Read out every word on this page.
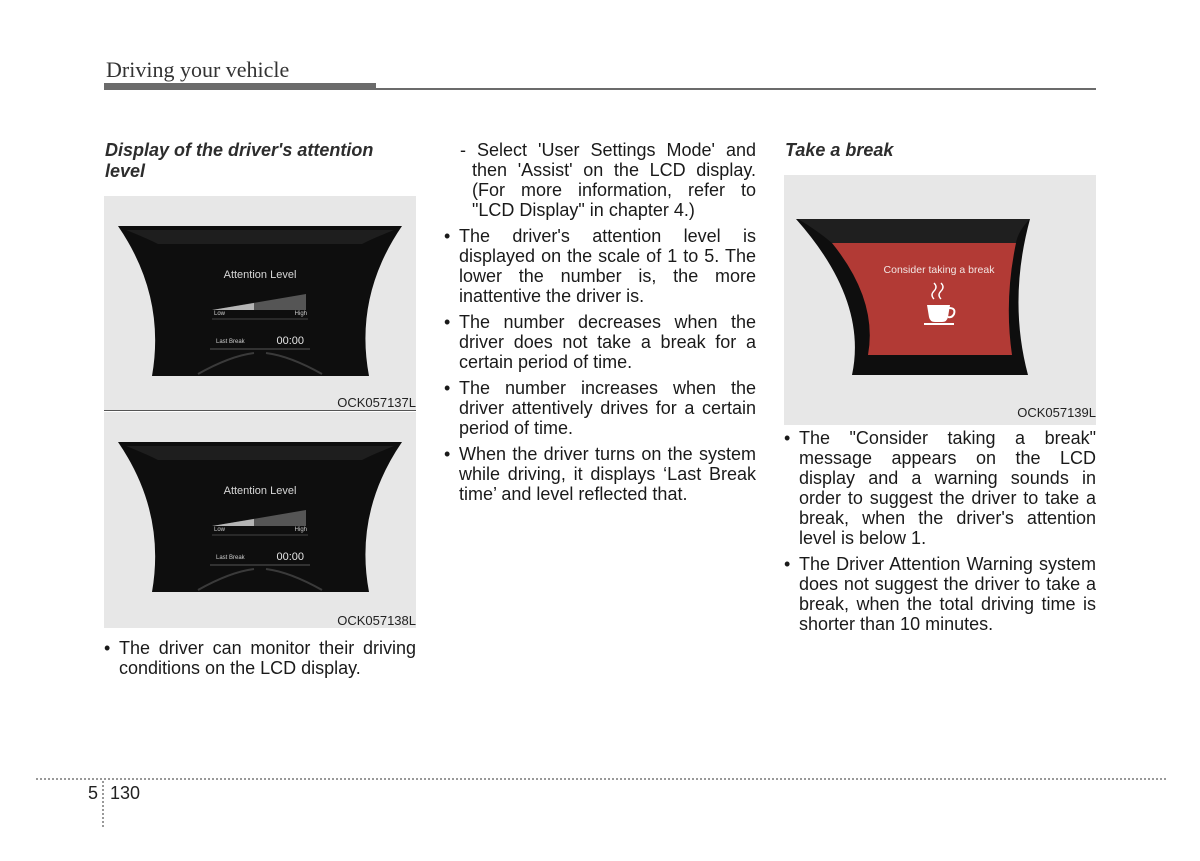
Driving your vehicle
Display of the driver's attention level
Attention Level
Low	High
Last Break	00:00
OCK057137L
Attention Level
Low	High
Last Break	00:00
OCK057138L
• The driver can monitor their driving conditions on the LCD display.
- Select 'User Settings Mode' and then 'Assist' on the LCD display. (For more information, refer to "LCD Display" in chapter 4.)
• The driver's attention level is displayed on the scale of 1 to 5. The lower the number is, the more inattentive the driver is.
• The number decreases when the driver does not take a break for a certain period of time.
• The number increases when the driver attentively drives for a certain period of time.
• When the driver turns on the system while driving, it displays ‘Last Break time’ and level reflected that.
Take a break
Consider taking a break
OCK057139L
• The "Consider taking a break" message appears on the LCD display and a warning sounds in order to suggest the driver to take a break, when the driver's attention level is below 1.
• The Driver Attention Warning system does not suggest the driver to take a break, when the total driving time is shorter than 10 minutes.
5 130
